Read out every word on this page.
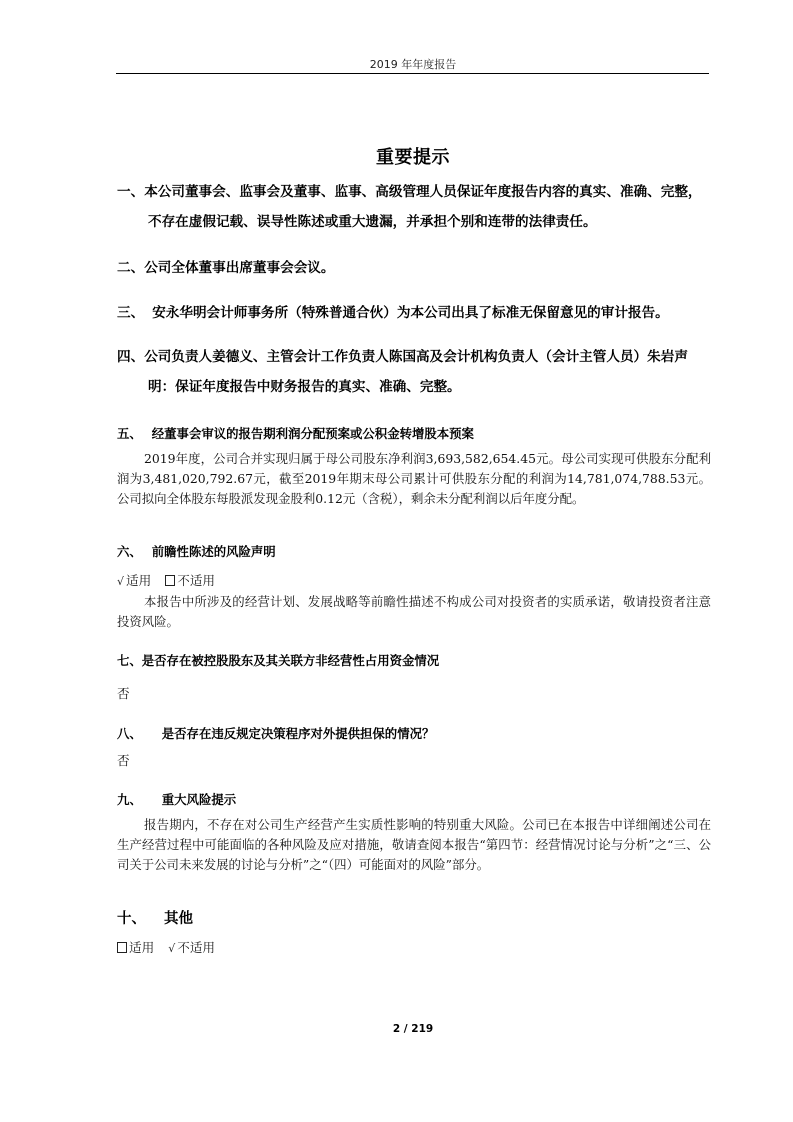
2019 年年度报告
重要提示
一、本公司董事会、监事会及董事、监事、高级管理人员保证年度报告内容的真实、准确、完整，
不存在虚假记载、误导性陈述或重大遗漏，并承担个别和连带的法律责任。
二、公司全体董事出席董事会会议。
三、 安永华明会计师事务所（特殊普通合伙）为本公司出具了标准无保留意见的审计报告。
四、公司负责人姜德义、主管会计工作负责人陈国高及会计机构负责人（会计主管人员）朱岩声
明：保证年度报告中财务报告的真实、准确、完整。
五、 经董事会审议的报告期利润分配预案或公积金转增股本预案

2019年度，公司合并实现归属于母公司股东净利润3,693,582,654.45元。母公司实现可供股东分配利润为3,481,020,792.67元，截至2019年期末母公司累计可供股东分配的利润为14,781,074,788.53元。公司拟向全体股东每股派发现金股利0.12元（含税），剩余未分配利润以后年度分配。

六、 前瞻性陈述的风险声明
√ 适用 不适用

本报告中所涉及的经营计划、发展战略等前瞻性描述不构成公司对投资者的实质承诺，敬请投资者注意投资风险。

七、是否存在被控股股东及其关联方非经营性占用资金情况
否
八、 是否存在违反规定决策程序对外提供担保的情况？
否
九、 重大风险提示

报告期内，不存在对公司生产经营产生实质性影响的特别重大风险。公司已在本报告中详细阐述公司在生产经营过程中可能面临的各种风险及应对措施，敬请查阅本报告“第四节：经营情况讨论与分析”之“三、公司关于公司未来发展的讨论与分析”之“（四）可能面对的风险”部分。

十、 其他
适用 √ 不适用
2 / 219
